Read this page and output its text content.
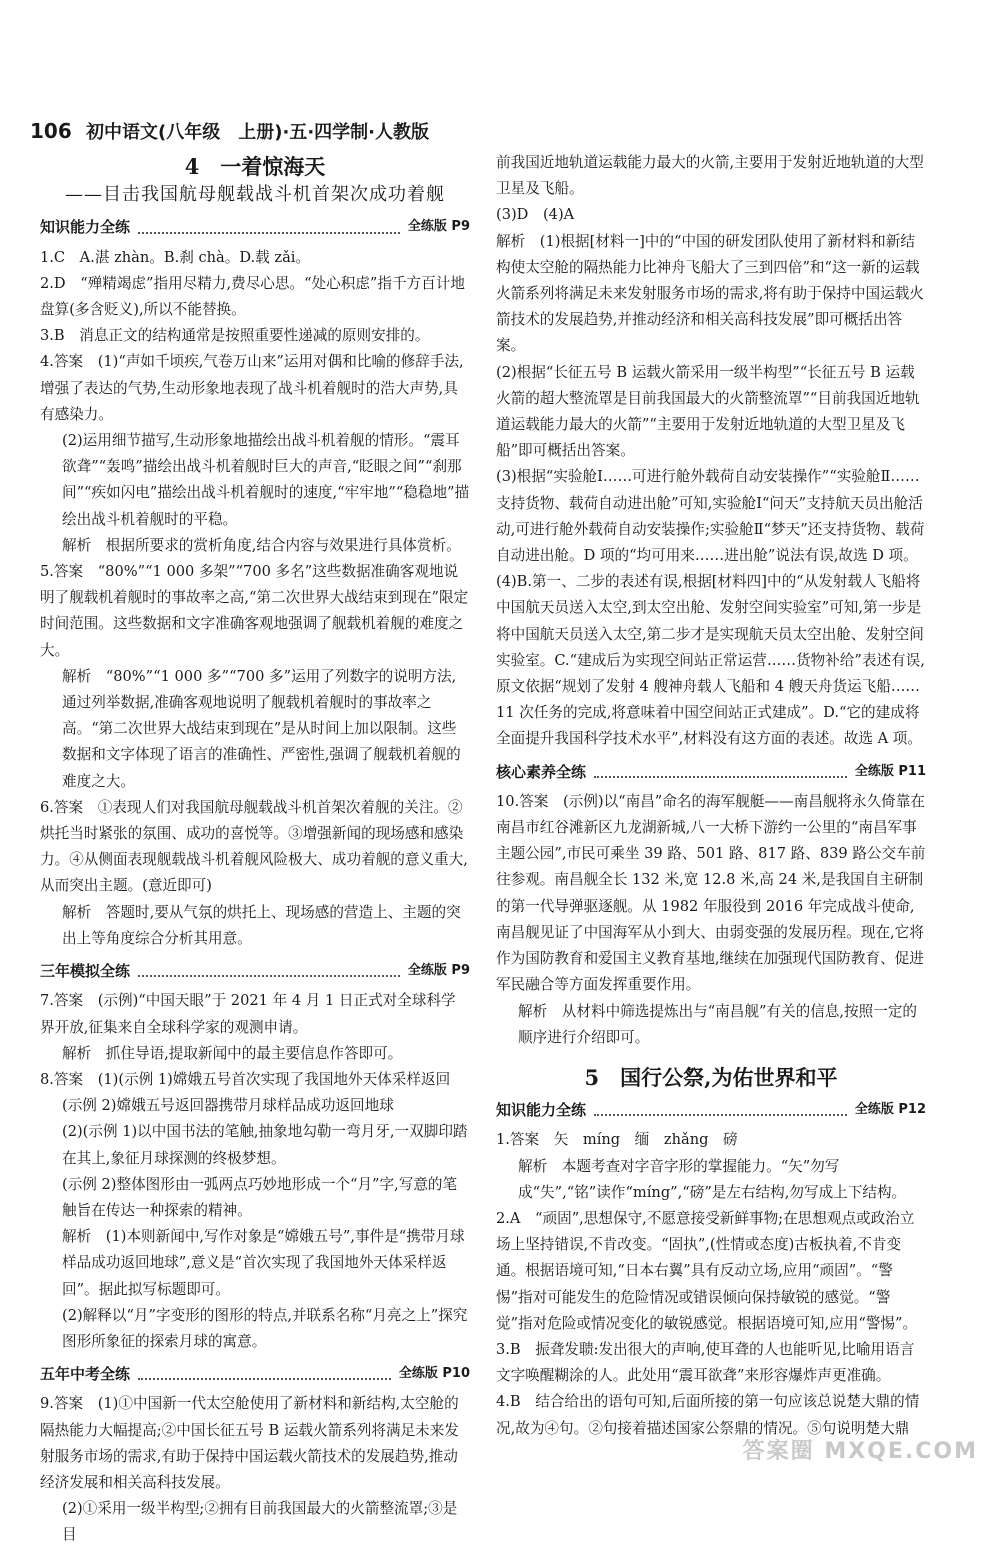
106 初中语文(八年级　上册)·五·四学制·人教版
4　一着惊海天
——目击我国航母舰载战斗机首架次成功着舰
知识能力全练	全练版 P9

1.C　A.湛 zhàn。B.刹 chà。D.载 zǎi。

2.D　“殚精竭虑”指用尽精力,费尽心思。“处心积虑”指千方百计地盘算(多含贬义),所以不能替换。

3.B　消息正文的结构通常是按照重要性递减的原则安排的。

4.答案　(1)“声如千顷疾,气卷万山来”运用对偶和比喻的修辞手法,增强了表达的气势,生动形象地表现了战斗机着舰时的浩大声势,具有感染力。

(2)运用细节描写,生动形象地描绘出战斗机着舰的情形。“震耳欲聋”“轰鸣”描绘出战斗机着舰时巨大的声音,“眨眼之间”“刹那间”“疾如闪电”描绘出战斗机着舰时的速度,“牢牢地”“稳稳地”描绘出战斗机着舰时的平稳。

解析　根据所要求的赏析角度,结合内容与效果进行具体赏析。

5.答案　“80%”“1 000 多架”“700 多名”这些数据准确客观地说明了舰载机着舰时的事故率之高,“第二次世界大战结束到现在”限定时间范围。这些数据和文字准确客观地强调了舰载机着舰的难度之大。

解析　“80%”“1 000 多”“700 多”运用了列数字的说明方法,通过列举数据,准确客观地说明了舰载机着舰时的事故率之高。“第二次世界大战结束到现在”是从时间上加以限制。这些数据和文字体现了语言的准确性、严密性,强调了舰载机着舰的难度之大。

6.答案　①表现人们对我国航母舰载战斗机首架次着舰的关注。②烘托当时紧张的氛围、成功的喜悦等。③增强新闻的现场感和感染力。④从侧面表现舰载战斗机着舰风险极大、成功着舰的意义重大,从而突出主题。(意近即可)

解析　答题时,要从气氛的烘托上、现场感的营造上、主题的突出上等角度综合分析其用意。

三年模拟全练	全练版 P9

7.答案　(示例)“中国天眼”于 2021 年 4 月 1 日正式对全球科学界开放,征集来自全球科学家的观测申请。

解析　抓住导语,提取新闻中的最主要信息作答即可。

8.答案　(1)(示例 1)嫦娥五号首次实现了我国地外天体采样返回

(示例 2)嫦娥五号返回器携带月球样品成功返回地球

(2)(示例 1)以中国书法的笔触,抽象地勾勒一弯月牙,一双脚印踏在其上,象征月球探测的终极梦想。

(示例 2)整体图形由一弧两点巧妙地形成一个“月”字,写意的笔触旨在传达一种探索的精神。

解析　(1)本则新闻中,写作对象是“嫦娥五号”,事件是“携带月球样品成功返回地球”,意义是“首次实现了我国地外天体采样返回”。据此拟写标题即可。

(2)解释以“月”字变形的图形的特点,并联系名称“月亮之上”探究图形所象征的探索月球的寓意。

五年中考全练	全练版 P10

9.答案　(1)①中国新一代太空舱使用了新材料和新结构,太空舱的隔热能力大幅提高;②中国长征五号 B 运载火箭系列将满足未来发射服务市场的需求,有助于保持中国运载火箭技术的发展趋势,推动经济发展和相关高科技发展。

(2)①采用一级半构型;②拥有目前我国最大的火箭整流罩;③是目

前我国近地轨道运载能力最大的火箭,主要用于发射近地轨道的大型卫星及飞船。

(3)D　(4)A

解析　(1)根据[材料一]中的“中国的研发团队使用了新材料和新结构使太空舱的隔热能力比神舟飞船大了三到四倍”和“这一新的运载火箭系列将满足未来发射服务市场的需求,将有助于保持中国运载火箭技术的发展趋势,并推动经济和相关高科技发展”即可概括出答案。

(2)根据“长征五号 B 运载火箭采用一级半构型”“长征五号 B 运载火箭的超大整流罩是目前我国最大的火箭整流罩”“目前我国近地轨道运载能力最大的火箭”“主要用于发射近地轨道的大型卫星及飞船”即可概括出答案。

(3)根据“实验舱Ⅰ……可进行舱外载荷自动安装操作”“实验舱Ⅱ……支持货物、载荷自动进出舱”可知,实验舱Ⅰ“问天”支持航天员出舱活动,可进行舱外载荷自动安装操作;实验舱Ⅱ“梦天”还支持货物、载荷自动进出舱。D 项的“均可用来……进出舱”说法有误,故选 D 项。

(4)B.第一、二步的表述有误,根据[材料四]中的“从发射载人飞船将中国航天员送入太空,到太空出舱、发射空间实验室”可知,第一步是将中国航天员送入太空,第二步才是实现航天员太空出舱、发射空间实验室。C.“建成后为实现空间站正常运营……货物补给”表述有误,原文依据“规划了发射 4 艘神舟载人飞船和 4 艘天舟货运飞船……11 次任务的完成,将意味着中国空间站正式建成”。D.“它的建成将全面提升我国科学技术水平”,材料没有这方面的表述。故选 A 项。

核心素养全练	全练版 P11

10.答案　(示例)以“南昌”命名的海军舰艇——南昌舰将永久倚靠在南昌市红谷滩新区九龙湖新城,八一大桥下游约一公里的“南昌军事主题公园”,市民可乘坐 39 路、501 路、817 路、839 路公交车前往参观。南昌舰全长 132 米,宽 12.8 米,高 24 米,是我国自主研制的第一代导弹驱逐舰。从 1982 年服役到 2016 年完成战斗使命,南昌舰见证了中国海军从小到大、由弱变强的发展历程。现在,它将作为国防教育和爱国主义教育基地,继续在加强现代国防教育、促进军民融合等方面发挥重要作用。

解析　从材料中筛选提炼出与“南昌舰”有关的信息,按照一定的顺序进行介绍即可。

5　国行公祭,为佑世界和平
知识能力全练	全练版 P12

1.答案　矢　míng　缅　zhǎng　磅

解析　本题考查对字音字形的掌握能力。“矢”勿写成“失”,“铭”读作“míng”,“磅”是左右结构,勿写成上下结构。

2.A　“顽固”,思想保守,不愿意接受新鲜事物;在思想观点或政治立场上坚持错误,不肯改变。“固执”,(性情或态度)古板执着,不肯变通。根据语境可知,“日本右翼”具有反动立场,应用“顽固”。“警惕”指对可能发生的危险情况或错误倾向保持敏锐的感觉。“警觉”指对危险或情况变化的敏锐感觉。根据语境可知,应用“警惕”。

3.B　振聋发聩:发出很大的声响,使耳聋的人也能听见,比喻用语言文字唤醒糊涂的人。此处用“震耳欲聋”来形容爆炸声更准确。

4.B　结合给出的语句可知,后面所接的第一句应该总说楚大鼎的情况,故为④句。②句接着描述国家公祭鼎的情况。⑤句说明楚大鼎

答案圈 MXQE.COM
